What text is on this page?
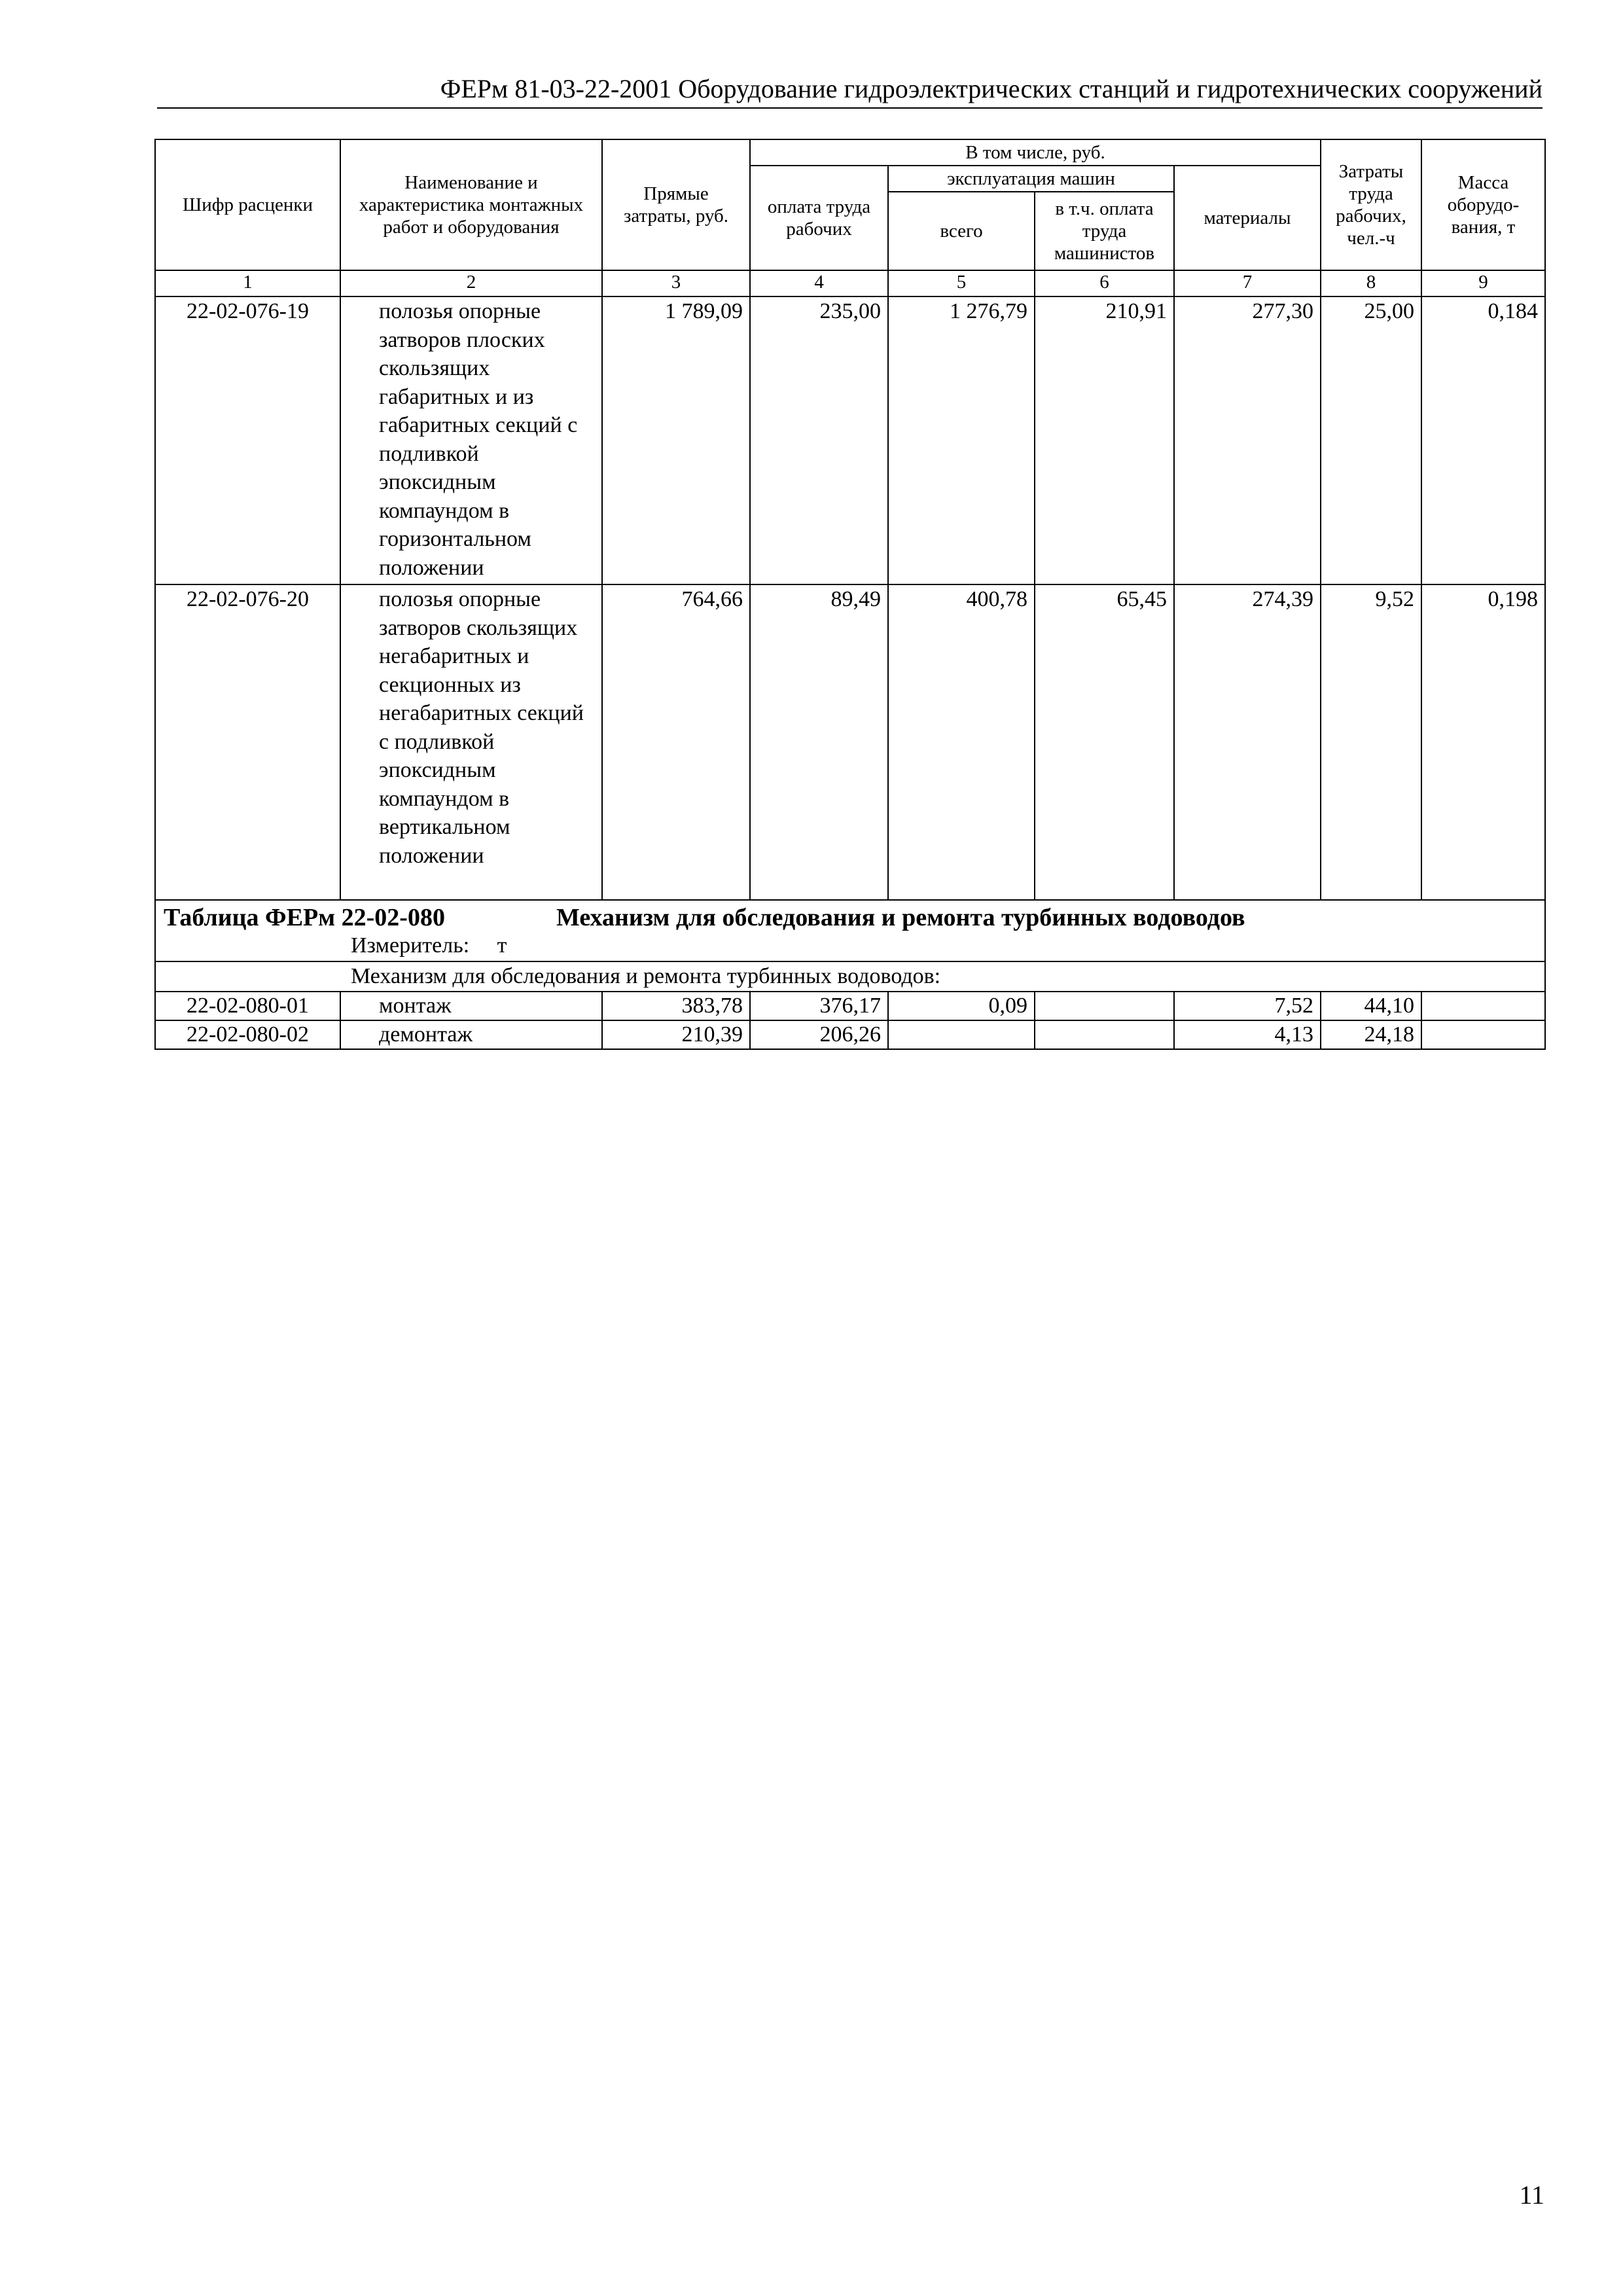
ФЕРм 81-03-22-2001 Оборудование гидроэлектрических станций и гидротехнических сооружений
Шифр расценки	Наименование и характеристика монтажных работ и оборудования	Прямые затраты, руб.	В том числе, руб.				Затраты труда рабочих, чел.-ч	Масса оборудо-вания, т
			оплата труда рабочих	эксплуатация машин		материалы		
				всего	в т.ч. оплата труда машинистов			

1	2	3	4	5	6	7	8	9
22-02-076-19	полозья опорные затворов плоских скользящих габаритных и из габаритных секций с подливкой эпоксидным компаундом в горизонтальном положении	1 789,09	235,00	1 276,79	210,91	277,30	25,00	0,184
22-02-076-20	полозья опорные затворов скользящих негабаритных и секционных из негабаритных секций с подливкой эпоксидным компаундом в вертикальном положении	764,66	89,49	400,78	65,45	274,39	9,52	0,198

Таблица ФЕРм 22-02-080 Механизм для обследования и ремонта турбинных водоводов
Измеритель:     т								

Механизм для обследования и ремонта турбинных водоводов:								
22-02-080-01	монтаж	383,78	376,17	0,09		7,52	44,10	
22-02-080-02	демонтаж	210,39	206,26			4,13	24,18	
11
